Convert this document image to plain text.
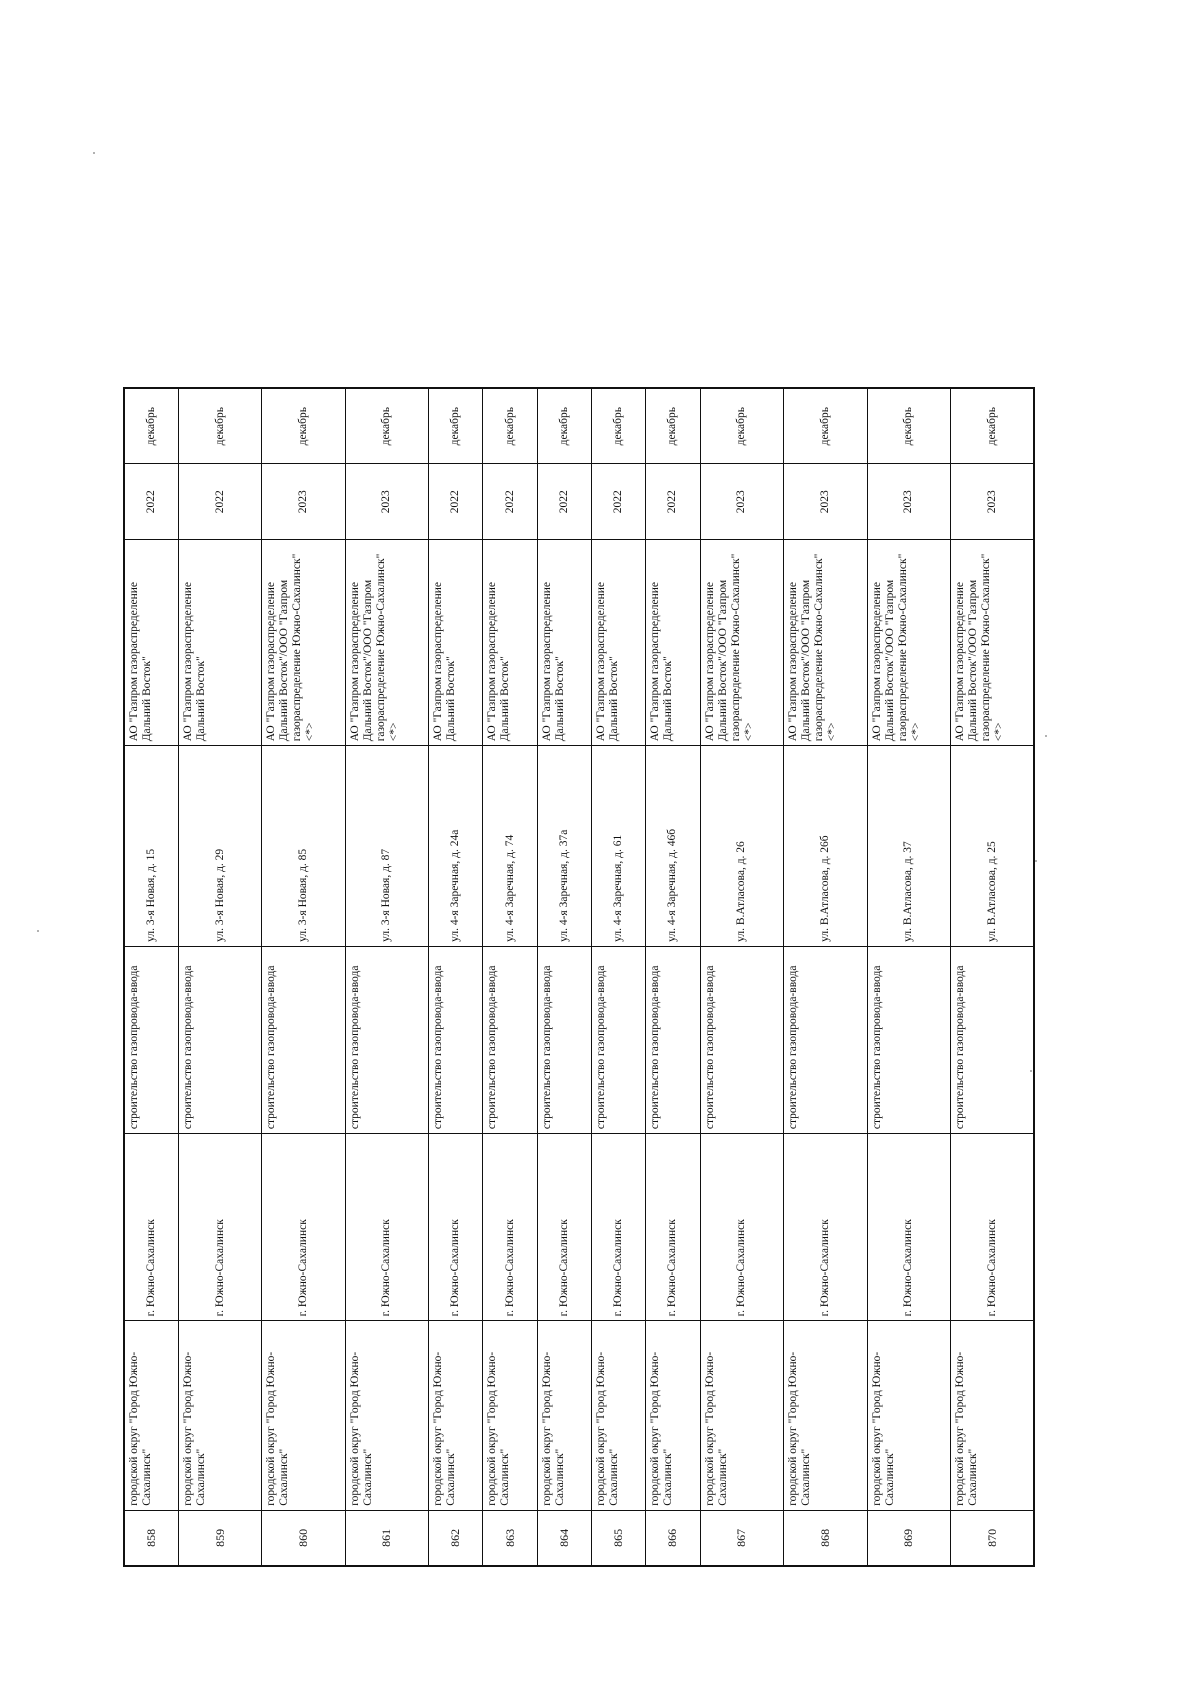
858	городской округ "Город Южно-Сахалинск"	г. Южно-Сахалинск	строительство газопровода-ввода	ул. 3-я Новая, д. 15	АО "Газпром газораспределение Дальний Восток"	2022	декабрь
859	городской округ "Город Южно-Сахалинск"	г. Южно-Сахалинск	строительство газопровода-ввода	ул. 3-я Новая, д. 29	АО "Газпром газораспределение Дальний Восток"	2022	декабрь
860	городской округ "Город Южно-Сахалинск"	г. Южно-Сахалинск	строительство газопровода-ввода	ул. 3-я Новая, д. 85	АО "Газпром газораспределение Дальний Восток"/ООО "Газпром газораспределение Южно-Сахалинск" <*>	2023	декабрь
861	городской округ "Город Южно-Сахалинск"	г. Южно-Сахалинск	строительство газопровода-ввода	ул. 3-я Новая, д. 87	АО "Газпром газораспределение Дальний Восток"/ООО "Газпром газораспределение Южно-Сахалинск" <*>	2023	декабрь
862	городской округ "Город Южно-Сахалинск"	г. Южно-Сахалинск	строительство газопровода-ввода	ул. 4-я Заречная, д. 24а	АО "Газпром газораспределение Дальний Восток"	2022	декабрь
863	городской округ "Город Южно-Сахалинск"	г. Южно-Сахалинск	строительство газопровода-ввода	ул. 4-я Заречная, д. 74	АО "Газпром газораспределение Дальний Восток"	2022	декабрь
864	городской округ "Город Южно-Сахалинск"	г. Южно-Сахалинск	строительство газопровода-ввода	ул. 4-я Заречная, д. 37а	АО "Газпром газораспределение Дальний Восток"	2022	декабрь
865	городской округ "Город Южно-Сахалинск"	г. Южно-Сахалинск	строительство газопровода-ввода	ул. 4-я Заречная, д. 61	АО "Газпром газораспределение Дальний Восток"	2022	декабрь
866	городской округ "Город Южно-Сахалинск"	г. Южно-Сахалинск	строительство газопровода-ввода	ул. 4-я Заречная, д. 46б	АО "Газпром газораспределение Дальний Восток"	2022	декабрь
867	городской округ "Город Южно-Сахалинск"	г. Южно-Сахалинск	строительство газопровода-ввода	ул. В.Атласова, д. 26	АО "Газпром газораспределение Дальний Восток"/ООО "Газпром газораспределение Южно-Сахалинск" <*>	2023	декабрь
868	городской округ "Город Южно-Сахалинск"	г. Южно-Сахалинск	строительство газопровода-ввода	ул. В.Атласова, д. 26б	АО "Газпром газораспределение Дальний Восток"/ООО "Газпром газораспределение Южно-Сахалинск" <*>	2023	декабрь
869	городской округ "Город Южно-Сахалинск"	г. Южно-Сахалинск	строительство газопровода-ввода	ул. В.Атласова, д. 37	АО "Газпром газораспределение Дальний Восток"/ООО "Газпром газораспределение Южно-Сахалинск" <*>	2023	декабрь
870	городской округ "Город Южно-Сахалинск"	г. Южно-Сахалинск	строительство газопровода-ввода	ул. В.Атласова, д. 25	АО "Газпром газораспределение Дальний Восток"/ООО "Газпром газораспределение Южно-Сахалинск" <*>	2023	декабрь
